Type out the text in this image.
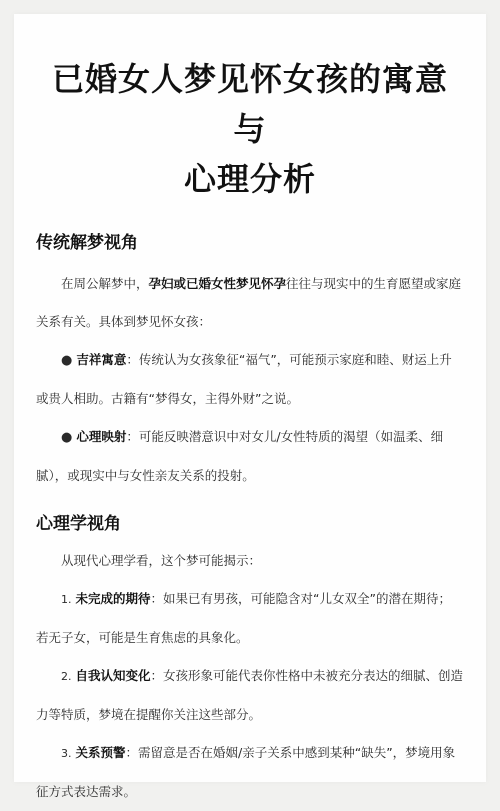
已婚女人梦见怀女孩的寓意与
心理分析
传统解梦视角
在周公解梦中，孕妇或已婚女性梦见怀孕往往与现实中的生育愿望或家庭
关系有关。具体到梦见怀女孩：
● 吉祥寓意：传统认为女孩象征“福气”，可能预示家庭和睦、财运上升
或贵人相助。古籍有“梦得女，主得外财”之说。
● 心理映射：可能反映潜意识中对女儿/女性特质的渴望（如温柔、细
腻），或现实中与女性亲友关系的投射。
心理学视角
从现代心理学看，这个梦可能揭示：
1. 未完成的期待：如果已有男孩，可能隐含对“儿女双全”的潜在期待；
若无子女，可能是生育焦虑的具象化。
2. 自我认知变化：女孩形象可能代表你性格中未被充分表达的细腻、创造
力等特质，梦境在提醒你关注这些部分。
3. 关系预警：需留意是否在婚姻/亲子关系中感到某种“缺失”，梦境用象
征方式表达需求。
